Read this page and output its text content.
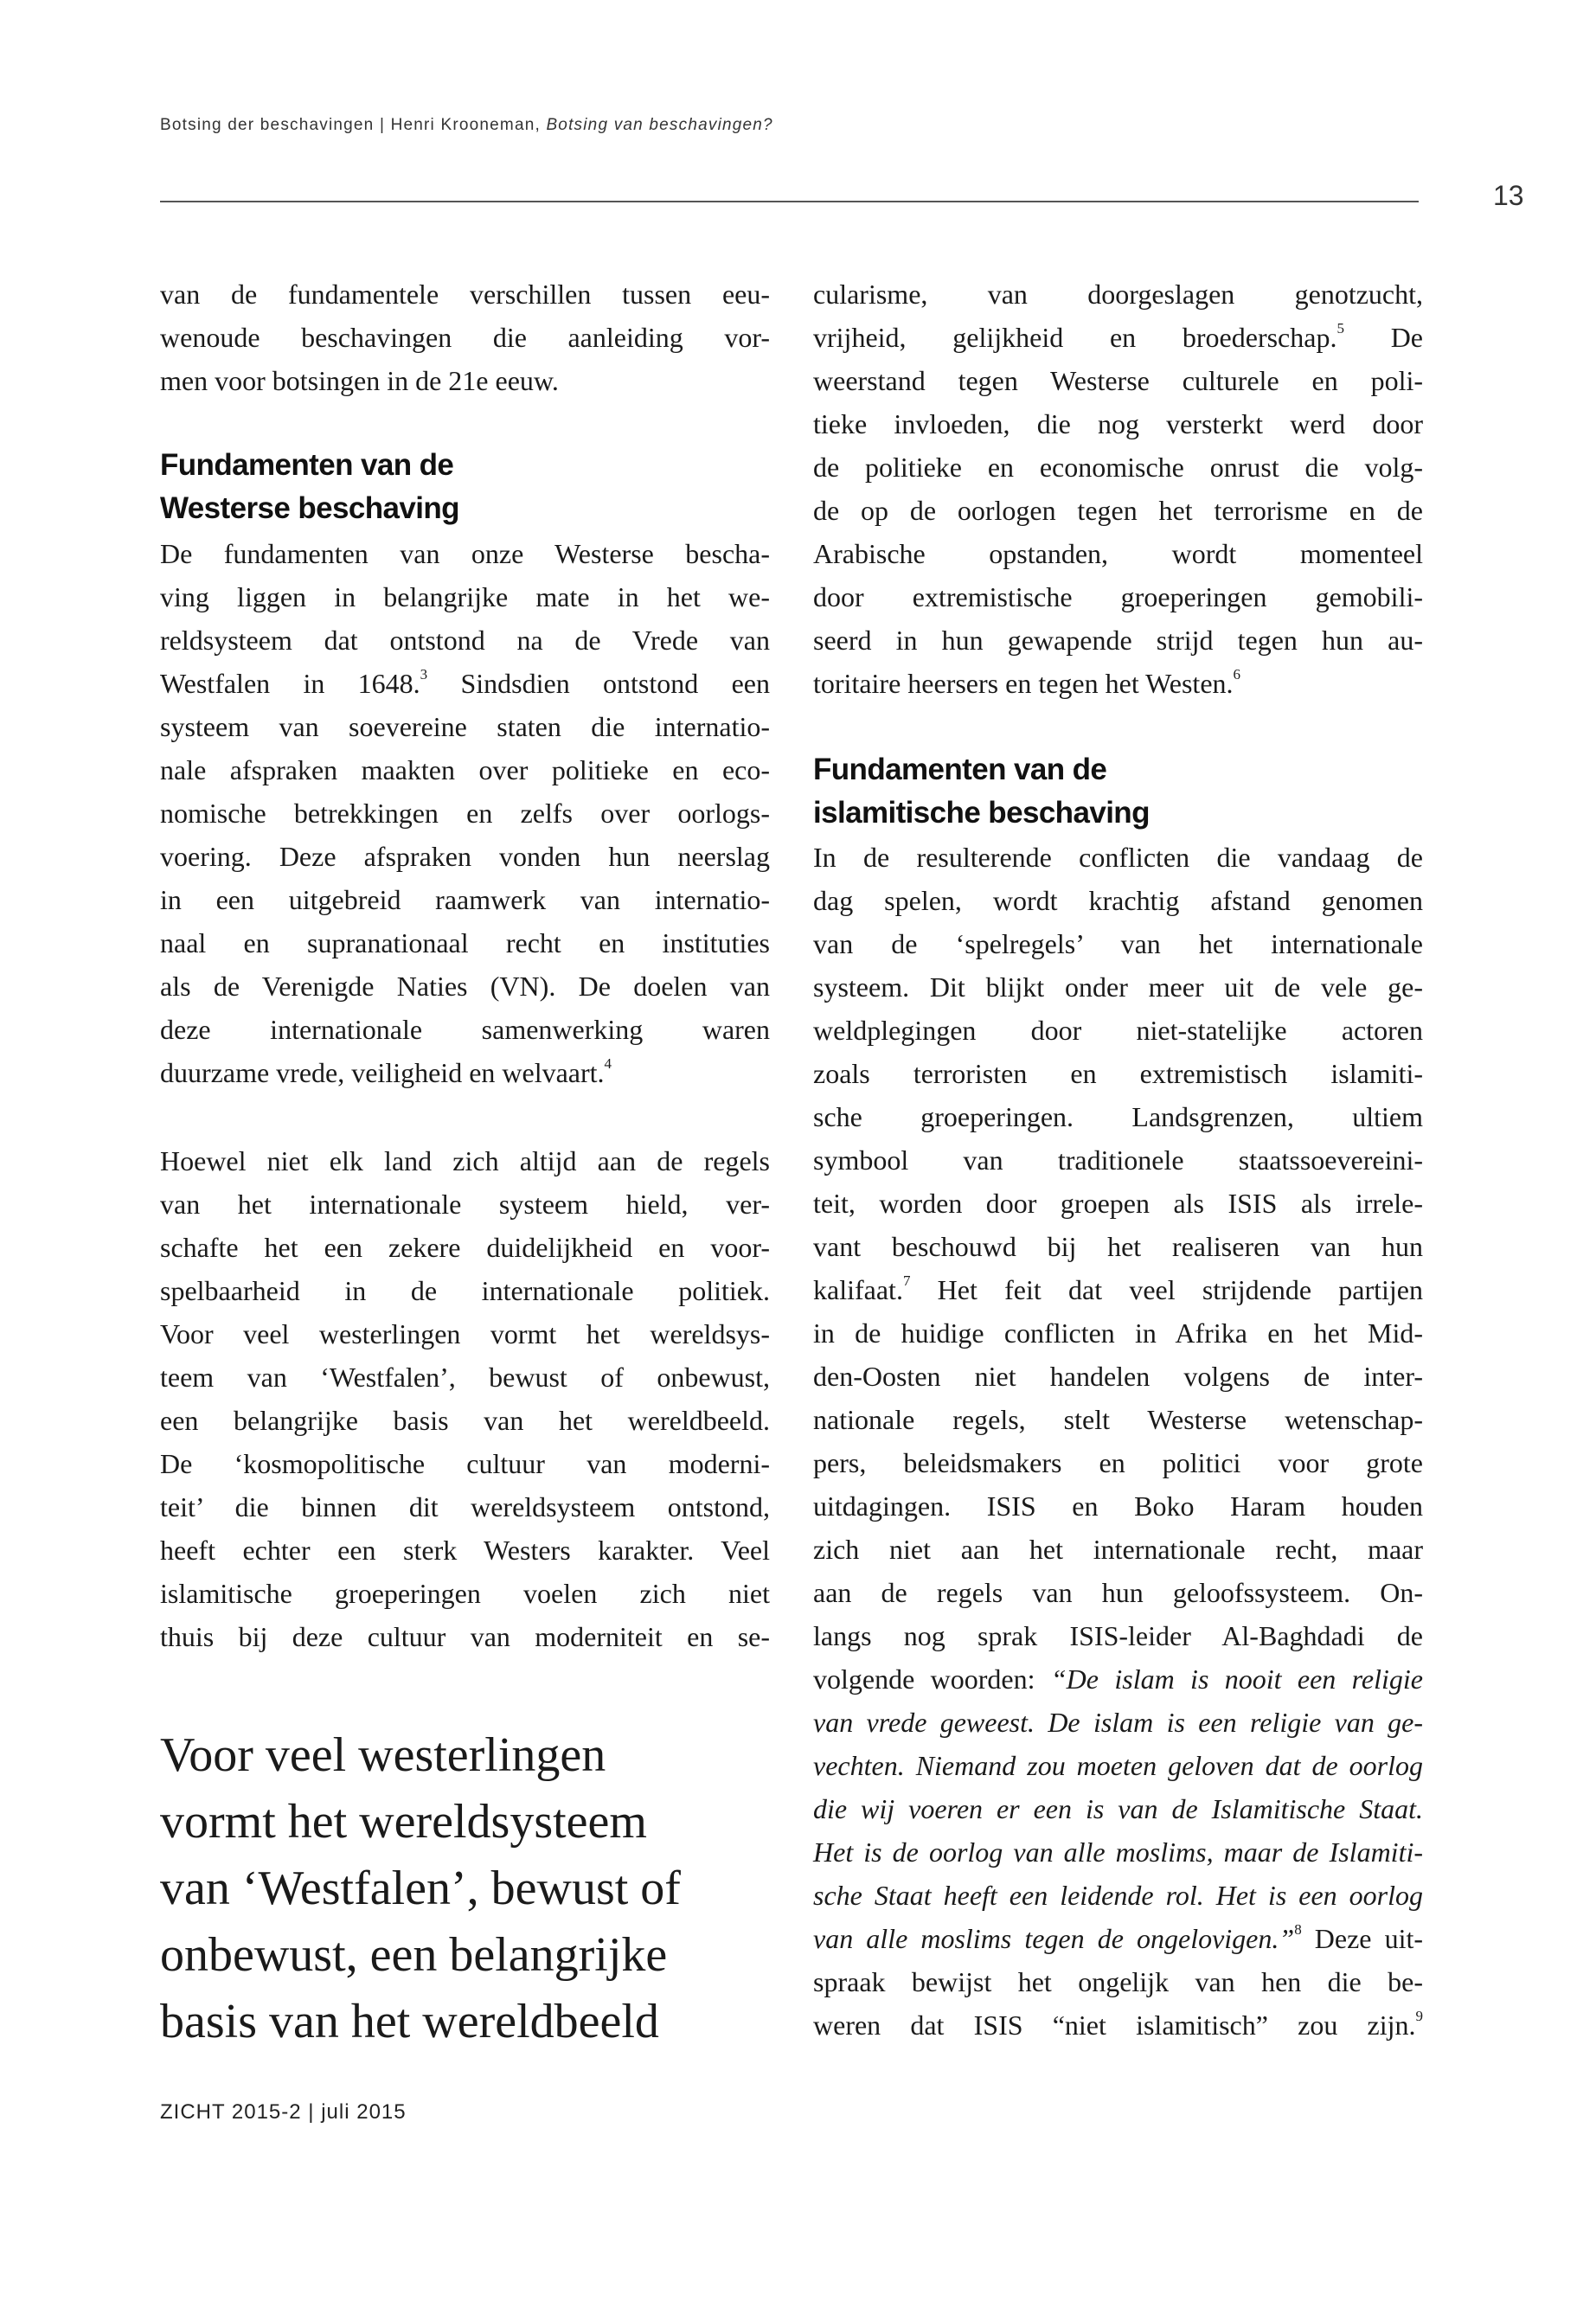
Botsing der beschavingen | Henri Krooneman, Botsing van beschavingen?
13
van de fundamentele verschillen tussen eeu-
wenoude beschavingen die aanleiding vor-
men voor botsingen in de 21e eeuw.
Fundamenten van de
Westerse beschaving
De fundamenten van onze Westerse bescha-
ving liggen in belangrijke mate in het we-
reldsysteem dat ontstond na de Vrede van
Westfalen in 1648.$^3$ Sindsdien ontstond een
systeem van soevereine staten die internatio-
nale afspraken maakten over politieke en eco-
nomische betrekkingen en zelfs over oorlogs-
voering. Deze afspraken vonden hun neerslag
in een uitgebreid raamwerk van internatio-
naal en supranationaal recht en instituties
als de Verenigde Naties (VN). De doelen van
deze internationale samenwerking waren
duurzame vrede, veiligheid en welvaart.$^4$
Hoewel niet elk land zich altijd aan de regels
van het internationale systeem hield, ver-
schafte het een zekere duidelijkheid en voor-
spelbaarheid in de internationale politiek.
Voor veel westerlingen vormt het wereldsys-
teem van ‘Westfalen’, bewust of onbewust,
een belangrijke basis van het wereldbeeld.
De ‘kosmopolitische cultuur van moderni-
teit’ die binnen dit wereldsysteem ontstond,
heeft echter een sterk Westers karakter. Veel
islamitische groeperingen voelen zich niet
thuis bij deze cultuur van moderniteit en se-
Voor veel westerlingen
vormt het wereldsysteem
van ‘Westfalen’, bewust of
onbewust, een belangrijke
basis van het wereldbeeld
cularisme, van doorgeslagen genotzucht,
vrijheid, gelijkheid en broederschap.$^5$ De
weerstand tegen Westerse culturele en poli-
tieke invloeden, die nog versterkt werd door
de politieke en economische onrust die volg-
de op de oorlogen tegen het terrorisme en de
Arabische opstanden, wordt momenteel
door extremistische groeperingen gemobili-
seerd in hun gewapende strijd tegen hun au-
toritaire heersers en tegen het Westen.$^6$
Fundamenten van de
islamitische beschaving
In de resulterende conflicten die vandaag de
dag spelen, wordt krachtig afstand genomen
van de ‘spelregels’ van het internationale
systeem. Dit blijkt onder meer uit de vele ge-
weldplegingen door niet-statelijke actoren
zoals terroristen en extremistisch islamiti-
sche groeperingen. Landsgrenzen, ultiem
symbool van traditionele staatssoevereini-
teit, worden door groepen als ISIS als irrele-
vant beschouwd bij het realiseren van hun
kalifaat.$^7$ Het feit dat veel strijdende partijen
in de huidige conflicten in Afrika en het Mid-
den-Oosten niet handelen volgens de inter-
nationale regels, stelt Westerse wetenschap-
pers, beleidsmakers en politici voor grote
uitdagingen. ISIS en Boko Haram houden
zich niet aan het internationale recht, maar
aan de regels van hun geloofssysteem. On-
langs nog sprak ISIS-leider Al-Baghdadi de
volgende woorden: “De islam is nooit een religie
van vrede geweest. De islam is een religie van ge-
vechten. Niemand zou moeten geloven dat de oorlog
die wij voeren er een is van de Islamitische Staat.
Het is de oorlog van alle moslims, maar de Islamiti-
sche Staat heeft een leidende rol. Het is een oorlog
van alle moslims tegen de ongelovigen.”$^8$ Deze uit-
spraak bewijst het ongelijk van hen die be-
weren dat ISIS “niet islamitisch” zou zijn.$^9$
ZICHT 2015-2 | juli 2015
